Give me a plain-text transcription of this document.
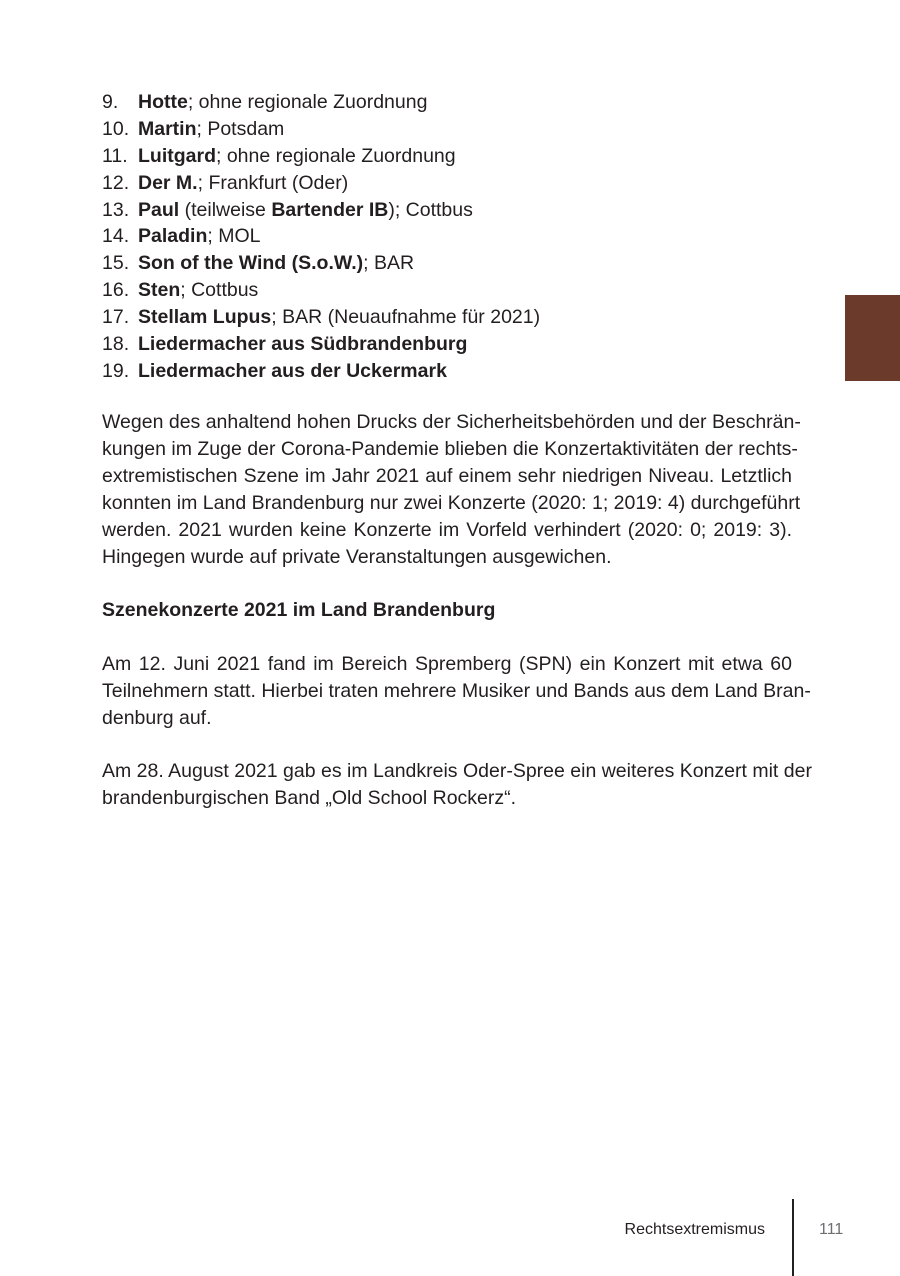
9. Hotte; ohne regionale Zuordnung
10. Martin; Potsdam
11. Luitgard; ohne regionale Zuordnung
12. Der M.; Frankfurt (Oder)
13. Paul (teilweise Bartender IB); Cottbus
14. Paladin; MOL
15. Son of the Wind (S.o.W.); BAR
16. Sten; Cottbus
17. Stellam Lupus; BAR (Neuaufnahme für 2021)
18. Liedermacher aus Südbrandenburg
19. Liedermacher aus der Uckermark
Wegen des anhaltend hohen Drucks der Sicherheitsbehörden und der Beschrän-
kungen im Zuge der Corona-Pandemie blieben die Konzertaktivitäten der rechts-
extremistischen Szene im Jahr 2021 auf einem sehr niedrigen Niveau. Letztlich
konnten im Land Brandenburg nur zwei Konzerte (2020: 1; 2019: 4) durchgeführt
werden. 2021 wurden keine Konzerte im Vorfeld verhindert (2020: 0; 2019: 3).
Hingegen wurde auf private Veranstaltungen ausgewichen.
Szenekonzerte 2021 im Land Brandenburg
Am 12. Juni 2021 fand im Bereich Spremberg (SPN) ein Konzert mit etwa 60
Teilnehmern statt. Hierbei traten mehrere Musiker und Bands aus dem Land Bran-
denburg auf.
Am 28. August 2021 gab es im Landkreis Oder-Spree ein weiteres Konzert mit der
brandenburgischen Band „Old School Rockerz“.
Rechtsextremismus	111
